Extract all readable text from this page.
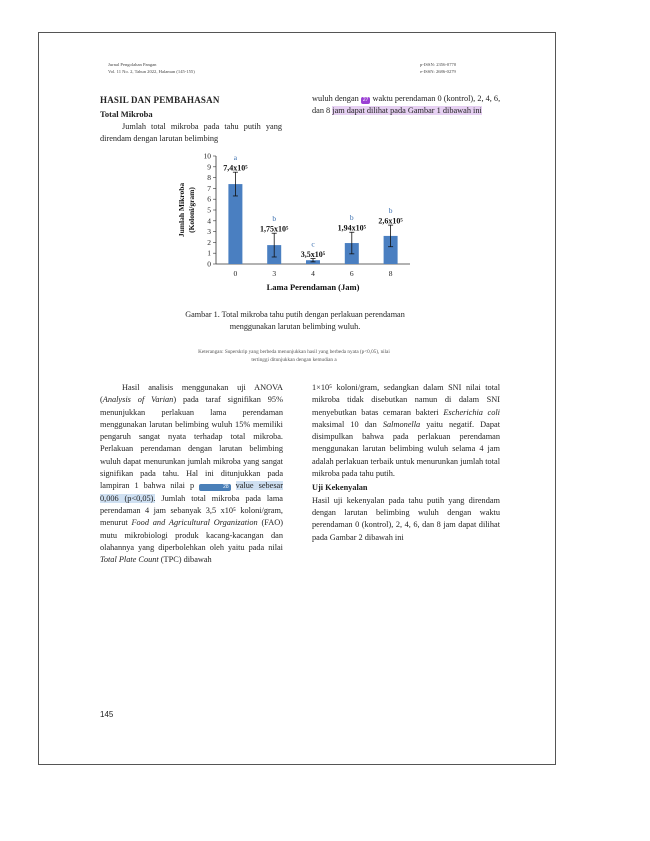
Jurnal Pengolahan Pangan
Vol. 11 No. 2, Tahun 2022, Halaman (145-155)
p-ISSN: 2356-0770
e-ISSN: 2686-0279
HASIL DAN PEMBAHASAN
Total Mikroba
Jumlah total mikroba pada tahu putih yang direndam dengan larutan belimbing
wuluh dengan 27 waktu perendaman 0 (kontrol), 2, 4, 6, dan 8 jam dapat dilihat pada Gambar 1 dibawah ini
0
1
2
3
4
5
6
7
8
9
10	a
7,4x10⁵
0
b
1,75x10⁵
3
c
3,5x10⁵
4
b
1,94x10⁵
6
b
2,6x10⁵
8
Lama Perendaman (Jam)
Jumlah Mikroba (Koloni/gram)
Gambar 1. Total mikroba tahu putih dengan perlakuan perendaman
menggunakan larutan belimbing wuluh.
Keterangan: Superskrip yang berbeda menunjukkan hasil yang berbeda nyata (p<0,05), nilai
tertinggi ditunjukkan dengan kemudian a
Hasil analisis menggunakan uji ANOVA (Analysis of Varian) pada taraf signifikan 95% menunjukkan perlakuan lama perendaman menggunakan larutan belimbing wuluh 15% memiliki pengaruh sangat nyata terhadap total mikroba. Perlakuan perendaman dengan larutan belimbing wuluh dapat menurunkan jumlah mikroba yang sangat signifikan pada tahu. Hal ini ditunjukkan pada lampiran 1 bahwa nilai p	28 value sebesar 0,006 (p<0,05). Jumlah total mikroba pada lama perendaman 4 jam sebanyak 3,5 x10⁵ koloni/gram, menurut Food and Agricultural Organization (FAO) mutu mikrobiologi produk kacang-kacangan dan olahannya yang diperbolehkan oleh yaitu pada nilai Total Plate Count (TPC) dibawah
1×10⁵ koloni/gram, sedangkan dalam SNI nilai total mikroba tidak disebutkan namun di dalam SNI menyebutkan batas cemaran bakteri Escherichia coli maksimal 10 dan Salmonella yaitu negatif. Dapat disimpulkan bahwa pada perlakuan perendaman menggunakan larutan belimbing wuluh selama 4 jam adalah perlakuan terbaik untuk menurunkan jumlah total mikroba pada tahu putih.
Uji Kekenyalan
Hasil uji kekenyalan pada tahu putih yang direndam dengan larutan belimbing wuluh dengan waktu perendaman 0 (kontrol), 2, 4, 6, dan 8 jam dapat dilihat pada Gambar 2 dibawah ini
145
